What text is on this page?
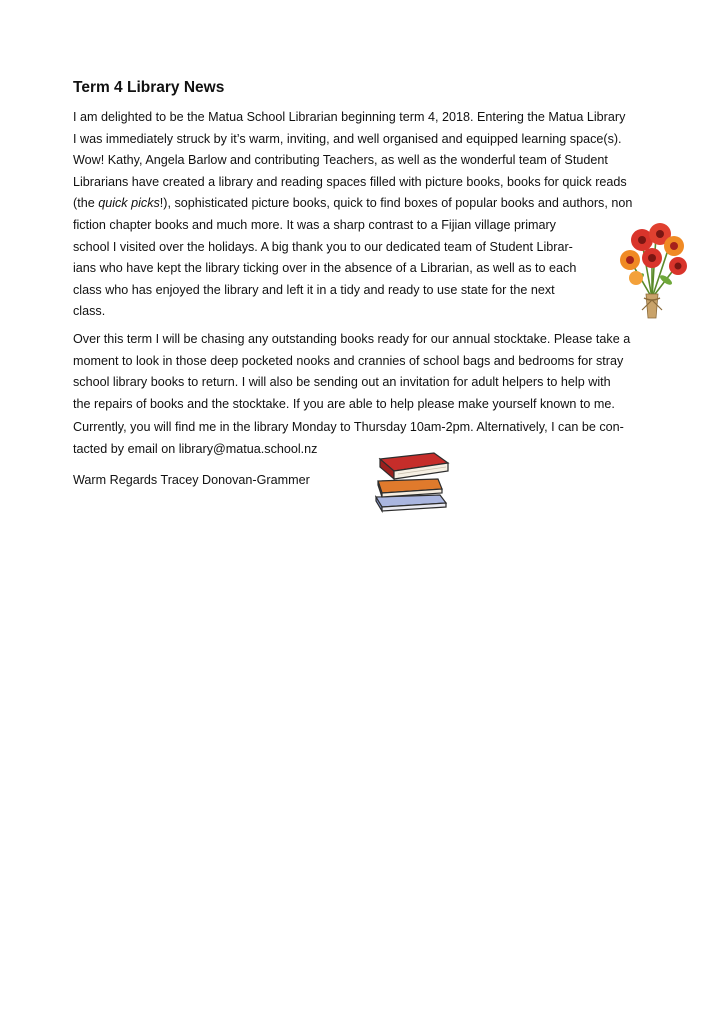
Term 4 Library News

I am delighted to be the Matua School Librarian beginning term 4, 2018. Entering the Matua Library
I was immediately struck by it’s warm, inviting, and well organised and equipped learning space(s).
Wow! Kathy, Angela Barlow and contributing Teachers, as well as the wonderful team of Student
Librarians have created a library and reading spaces filled with picture books, books for quick reads
(the quick picks!), sophisticated picture books, quick to find boxes of popular books and authors, non
fiction chapter books and much more. It was a sharp contrast to a Fijian village primary
school I visited over the holidays. A big thank you to our dedicated team of Student Librar-
ians who have kept the library ticking over in the absence of a Librarian, as well as to each
class who has enjoyed the library and left it in a tidy and ready to use state for the next
class.

Over this term I will be chasing any outstanding books ready for our annual stocktake. Please take a
moment to look in those deep pocketed nooks and crannies of school bags and bedrooms for stray
school library books to return. I will also be sending out an invitation for adult helpers to help with
the repairs of books and the stocktake. If you are able to help please make yourself known to me.

Currently, you will find me in the library Monday to Thursday 10am-2pm. Alternatively, I can be con-
tacted by email on library@matua.school.nz

Warm Regards Tracey Donovan-Grammer
